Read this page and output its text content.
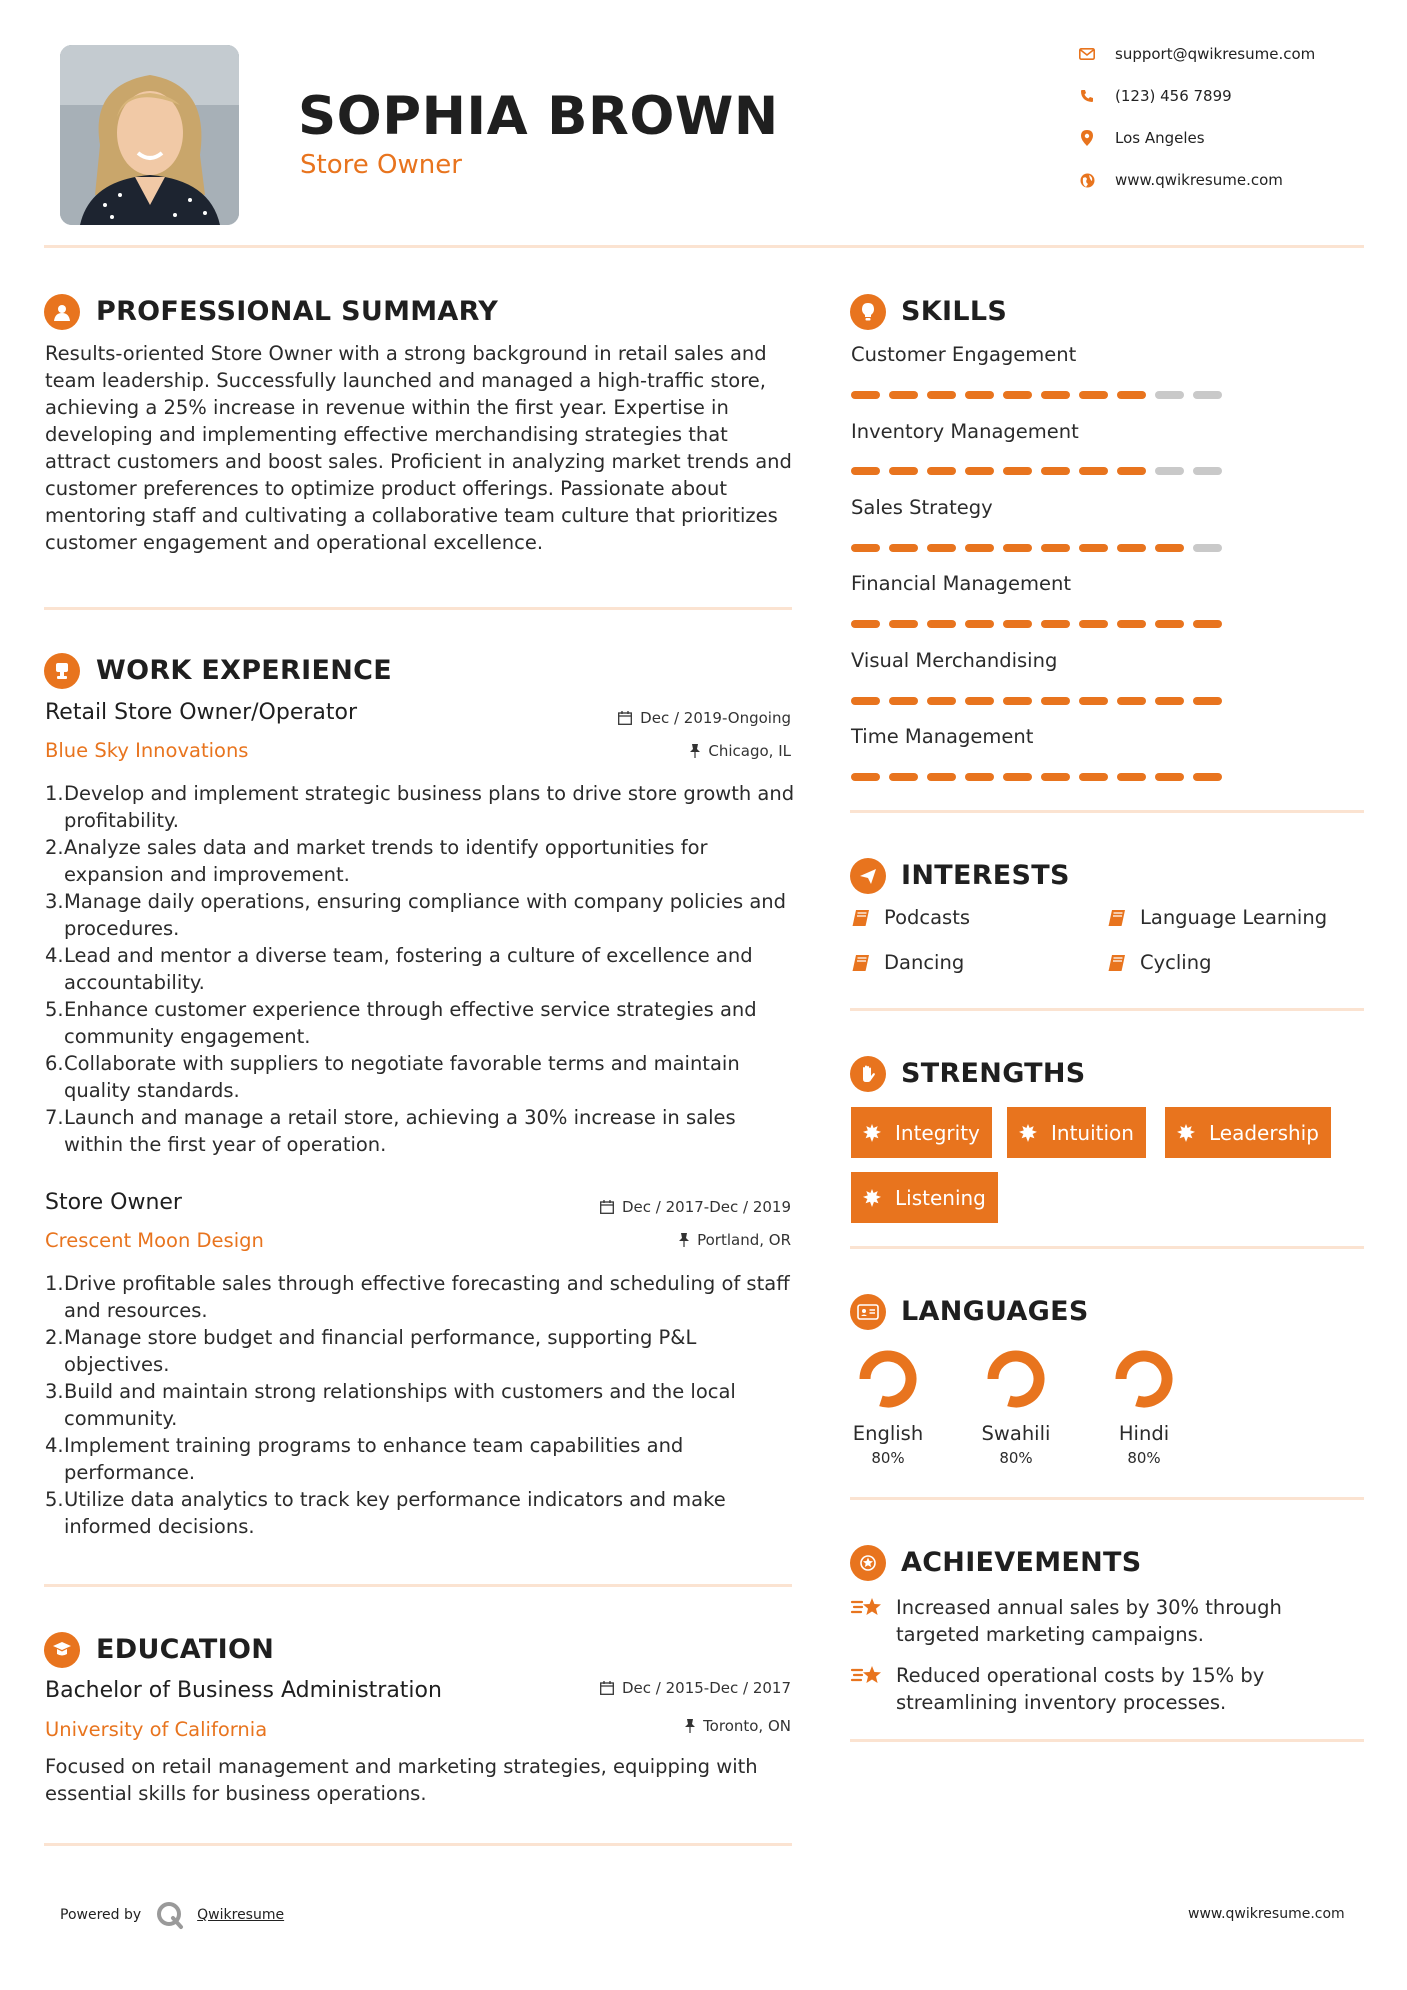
SOPHIA BROWN
Store Owner
support@qwikresume.com
(123) 456 7899
Los Angeles
www.qwikresume.com
PROFESSIONAL SUMMARY
Results-oriented Store Owner with a strong background in retail sales and team leadership. Successfully launched and managed a high-traffic store, achieving a 25% increase in revenue within the first year. Expertise in developing and implementing effective merchandising strategies that attract customers and boost sales. Proficient in analyzing market trends and customer preferences to optimize product offerings. Passionate about mentoring staff and cultivating a collaborative team culture that prioritizes customer engagement and operational excellence.
WORK EXPERIENCE
Retail Store Owner/Operator
Blue Sky Innovations
Dec / 2019-Ongoing
Chicago, IL
1. Develop and implement strategic business plans to drive store growth and profitability.
2. Analyze sales data and market trends to identify opportunities for expansion and improvement.
3. Manage daily operations, ensuring compliance with company policies and procedures.
4. Lead and mentor a diverse team, fostering a culture of excellence and accountability.
5. Enhance customer experience through effective service strategies and community engagement.
6. Collaborate with suppliers to negotiate favorable terms and maintain quality standards.
7. Launch and manage a retail store, achieving a 30% increase in sales within the first year of operation.
Store Owner
Crescent Moon Design
Dec / 2017-Dec / 2019
Portland, OR
1. Drive profitable sales through effective forecasting and scheduling of staff and resources.
2. Manage store budget and financial performance, supporting P&L objectives.
3. Build and maintain strong relationships with customers and the local community.
4. Implement training programs to enhance team capabilities and performance.
5. Utilize data analytics to track key performance indicators and make informed decisions.
EDUCATION
Bachelor of Business Administration
University of California
Dec / 2015-Dec / 2017
Toronto, ON
Focused on retail management and marketing strategies, equipping with essential skills for business operations.
SKILLS
Customer Engagement
Inventory Management
Sales Strategy
Financial Management
Visual Merchandising
Time Management
INTERESTS
Podcasts	Language Learning
Dancing	Cycling
STRENGTHS
Integrity	Intuition	Leadership
Listening
LANGUAGES
English
80%
Swahili
80%
Hindi
80%
ACHIEVEMENTS
Increased annual sales by 30% through targeted marketing campaigns.
Reduced operational costs by 15% by streamlining inventory processes.
Powered by	Qwikresume	www.qwikresume.com
